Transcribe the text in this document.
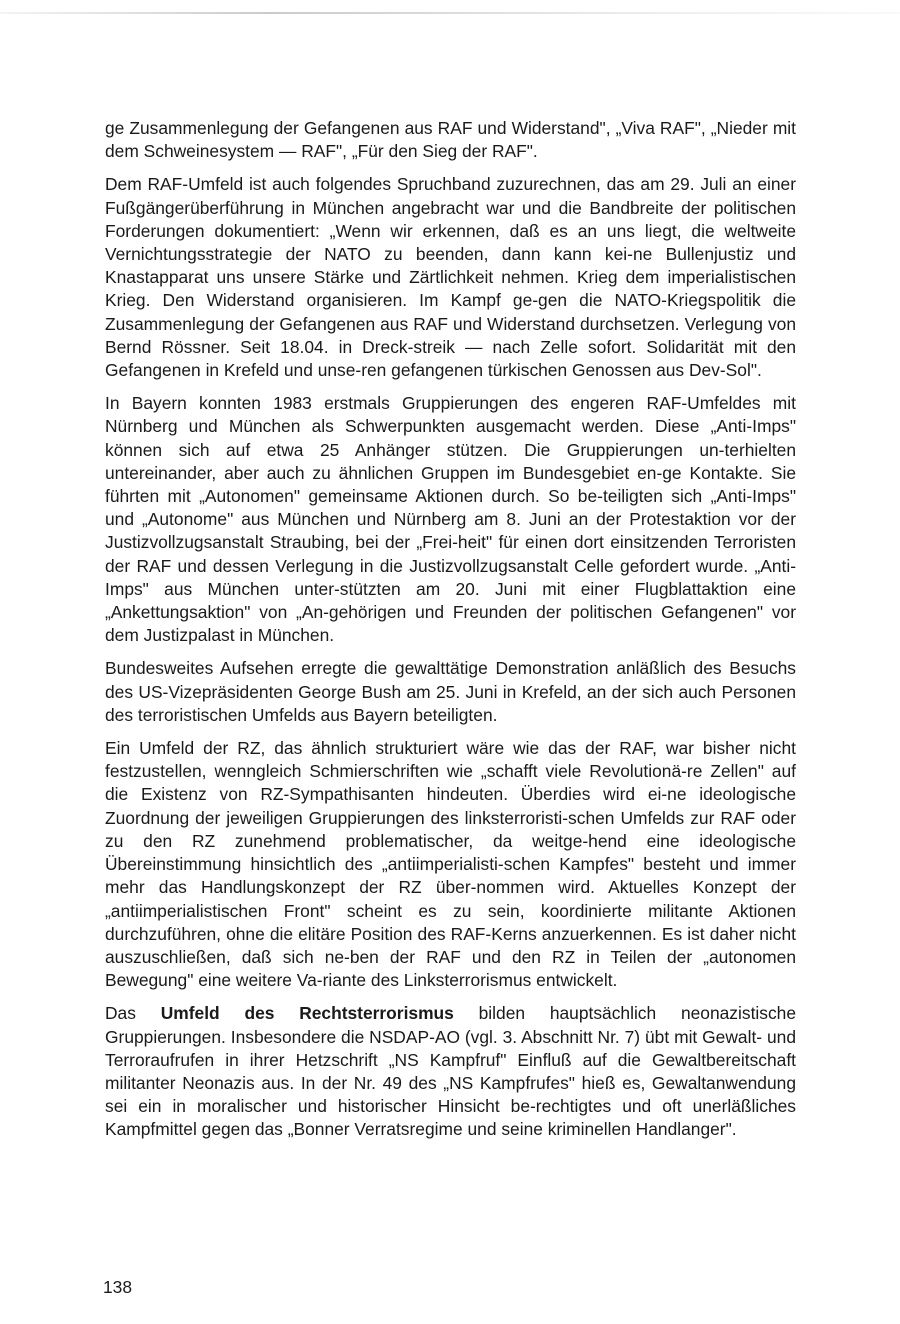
ge Zusammenlegung der Gefangenen aus RAF und Widerstand", „Viva RAF", „Nieder mit dem Schweinesystem — RAF", „Für den Sieg der RAF".

Dem RAF-Umfeld ist auch folgendes Spruchband zuzurechnen, das am 29. Juli an einer Fußgängerüberführung in München angebracht war und die Bandbreite der politischen Forderungen dokumentiert: „Wenn wir erkennen, daß es an uns liegt, die weltweite Vernichtungsstrategie der NATO zu beenden, dann kann kei-ne Bullenjustiz und Knastapparat uns unsere Stärke und Zärtlichkeit nehmen. Krieg dem imperialistischen Krieg. Den Widerstand organisieren. Im Kampf ge-gen die NATO-Kriegspolitik die Zusammenlegung der Gefangenen aus RAF und Widerstand durchsetzen. Verlegung von Bernd Rössner. Seit 18.04. in Dreck-streik — nach Zelle sofort. Solidarität mit den Gefangenen in Krefeld und unse-ren gefangenen türkischen Genossen aus Dev-Sol".

In Bayern konnten 1983 erstmals Gruppierungen des engeren RAF-Umfeldes mit Nürnberg und München als Schwerpunkten ausgemacht werden. Diese „Anti-Imps" können sich auf etwa 25 Anhänger stützen. Die Gruppierungen un-terhielten untereinander, aber auch zu ähnlichen Gruppen im Bundesgebiet en-ge Kontakte. Sie führten mit „Autonomen" gemeinsame Aktionen durch. So be-teiligten sich „Anti-Imps" und „Autonome" aus München und Nürnberg am 8. Juni an der Protestaktion vor der Justizvollzugsanstalt Straubing, bei der „Frei-heit" für einen dort einsitzenden Terroristen der RAF und dessen Verlegung in die Justizvollzugsanstalt Celle gefordert wurde. „Anti-Imps" aus München unter-stützten am 20. Juni mit einer Flugblattaktion eine „Ankettungsaktion" von „An-gehörigen und Freunden der politischen Gefangenen" vor dem Justizpalast in München.

Bundesweites Aufsehen erregte die gewalttätige Demonstration anläßlich des Besuchs des US-Vizepräsidenten George Bush am 25. Juni in Krefeld, an der sich auch Personen des terroristischen Umfelds aus Bayern beteiligten.

Ein Umfeld der RZ, das ähnlich strukturiert wäre wie das der RAF, war bisher nicht festzustellen, wenngleich Schmierschriften wie „schafft viele Revolutionä-re Zellen" auf die Existenz von RZ-Sympathisanten hindeuten. Überdies wird ei-ne ideologische Zuordnung der jeweiligen Gruppierungen des linksterroristi-schen Umfelds zur RAF oder zu den RZ zunehmend problematischer, da weitge-hend eine ideologische Übereinstimmung hinsichtlich des „antiimperialisti-schen Kampfes" besteht und immer mehr das Handlungskonzept der RZ über-nommen wird. Aktuelles Konzept der „antiimperialistischen Front" scheint es zu sein, koordinierte militante Aktionen durchzuführen, ohne die elitäre Position des RAF-Kerns anzuerkennen. Es ist daher nicht auszuschließen, daß sich ne-ben der RAF und den RZ in Teilen der „autonomen Bewegung" eine weitere Va-riante des Linksterrorismus entwickelt.

Das Umfeld des Rechtsterrorismus bilden hauptsächlich neonazistische Gruppierungen. Insbesondere die NSDAP-AO (vgl. 3. Abschnitt Nr. 7) übt mit Gewalt- und Terroraufrufen in ihrer Hetzschrift „NS Kampfruf" Einfluß auf die Gewaltbereitschaft militanter Neonazis aus. In der Nr. 49 des „NS Kampfrufes" hieß es, Gewaltanwendung sei ein in moralischer und historischer Hinsicht be-rechtigtes und oft unerläßliches Kampfmittel gegen das „Bonner Verratsregime und seine kriminellen Handlanger".

138
